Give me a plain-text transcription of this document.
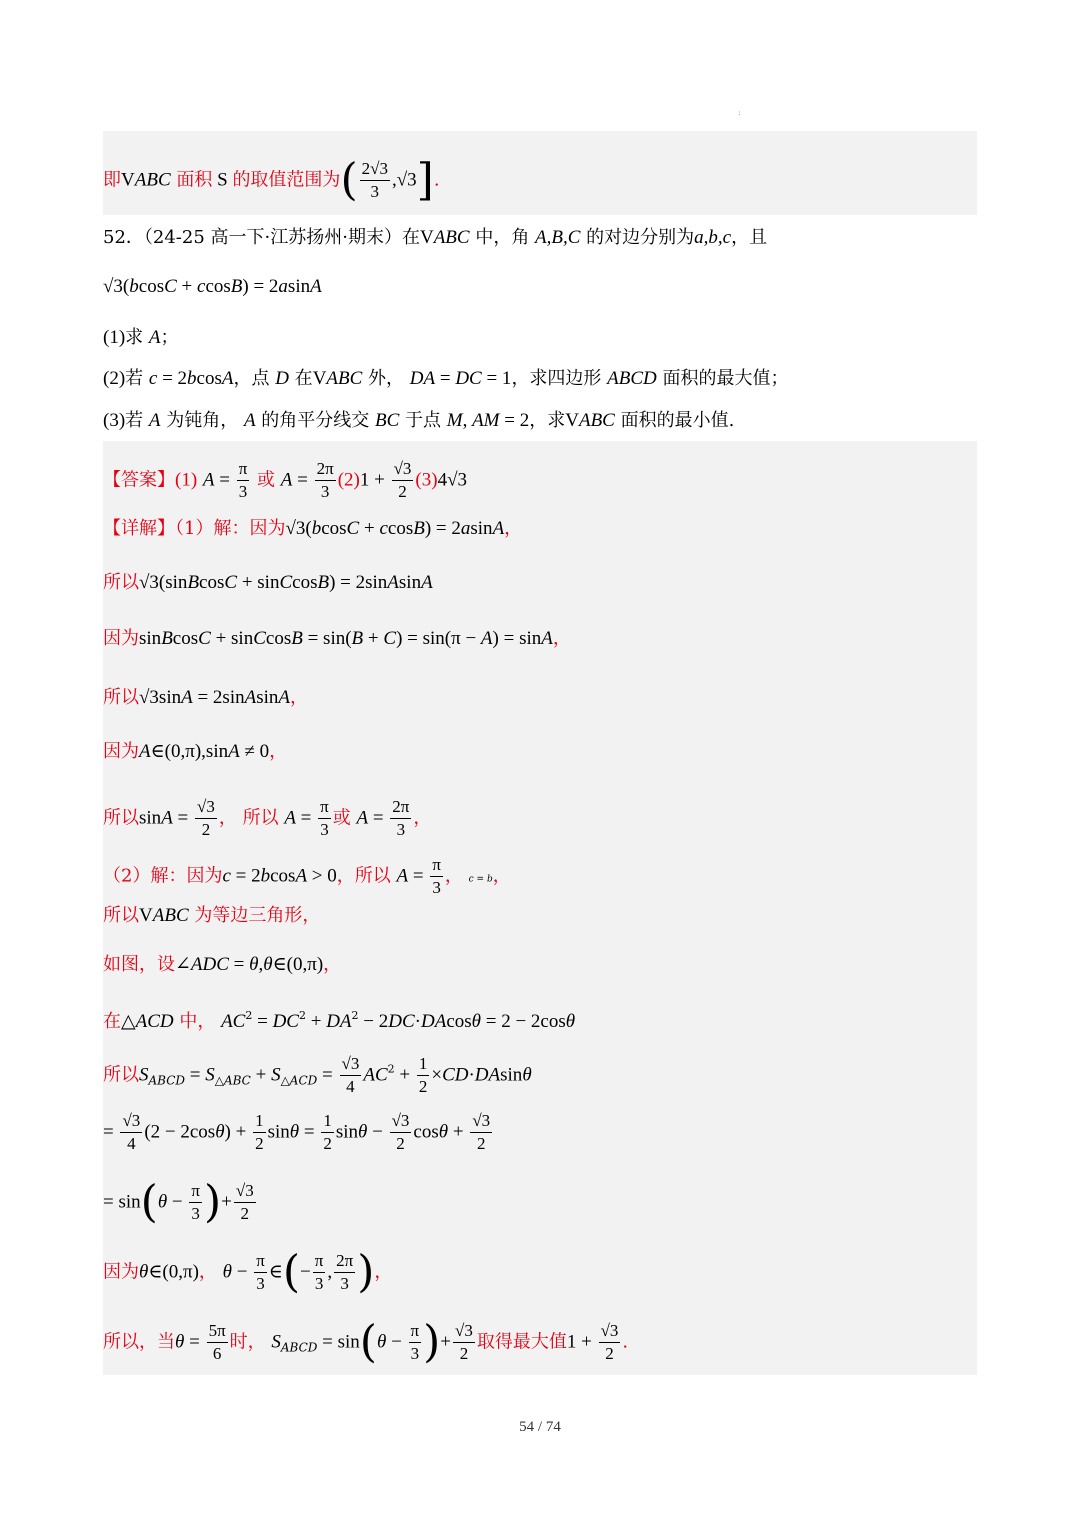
:
即VABC 面积 S 的取值范围为( $\frac{2√3}{3} ,√3$].
52．（24-25 高一下·江苏扬州·期末）在VABC 中，角 A,B,C 的对边分别为a,b,c，且
√3(bcosC + ccosB) = 2asinA
(1)求 A；
(2)若 c = 2bcosA，点 D 在VABC 外， DA = DC = 1，求四边形 ABCD 面积的最大值；
(3)若 A 为钝角， A 的角平分线交 BC 于点 M, AM = 2，求VABC 面积的最小值.
【答案】(1) $A = \frac{\pi}{3}$ 或 $A = \frac{2\pi}{3} (2)1 + \frac{√3}{2} (3)4√3$
【详解】（1）解：因为√3(bcosC + ccosB) = 2asinA，
所以√3(sinBcosC + sinCcosB) = 2sinAsinA
因为sinBcosC + sinCcosB = sin(B + C) = sin(π − A) = sinA，
所以√3sinA = 2sinAsinA，
因为A∈(0,π),sinA ≠ 0，
所以$\sin A = \frac{√3}{2}$ ， 所以 $A = \frac{\pi}{3}$ 或 $A = \frac{2\pi}{3}$ ，
（2）解：因为c = 2bcosA > 0，所以 $A = \frac{\pi}{3}$ ， c = b，
所以VABC 为等边三角形，
如图，设∠ADC = θ,θ∈(0,π)，
在△ACD 中， $AC^2 = DC^2 + DA^2 - 2DC\cdot DAcos\theta = 2 - 2\cos\theta$
所以$S_{ABCD} = S_{\triangle ABC} + S_{\triangle ACD} = \frac{√3}{4} AC^2 + \frac{1}{2} \times CD\cdot DAsin\theta$
= $\frac{√3}{4} (2 - 2\cos\theta) + \frac{1}{2}$ $\sin\theta = \frac{1}{2}$ $\sin\theta - \frac{√3}{2}$ $\cos\theta + \frac{√3}{2}$
= $\sin(\theta - \frac{\pi}{3}$ )+ $\frac{√3}{2}$
因为θ∈(0,π)， $\theta - \frac{\pi}{3}$ ∈(− $\frac{\pi}{3}$ , $\frac{2\pi}{3}$ )，
所以，当$\theta = \frac{5\pi}{6}$ 时， $S_{ABCD} = \sin(\theta - \frac{\pi}{3}$ )+ $\frac{√3}{2}$ 取得最大值$1 + \frac{√3}{2}$ .
54 / 74
